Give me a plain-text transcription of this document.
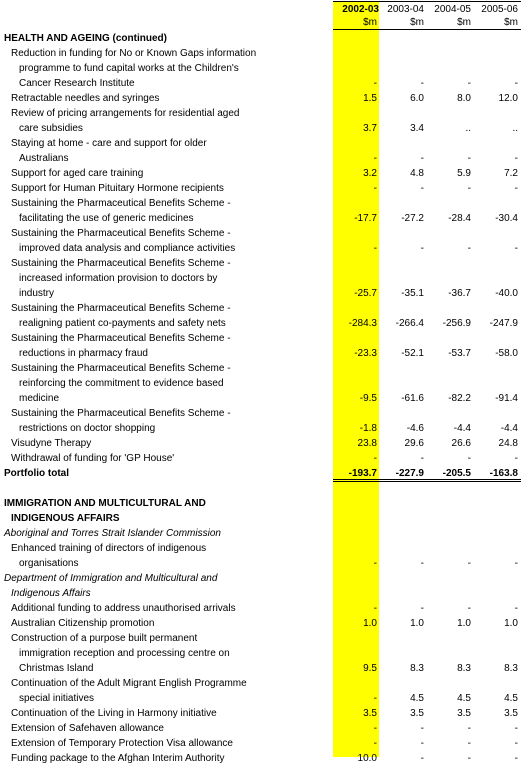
2002-03 2003-04	2004-05	2005-06
$m	$m	$m	$m
HEALTH AND AGEING (continued)
Reduction in funding for No or Known Gaps information
programme to fund capital works at the Children's
Cancer Research Institute	-	-	-	-
Retractable needles and syringes	1.5	6.0	8.0	12.0
Review of pricing arrangements for residential aged
care subsidies	3.7	3.4	..	..
Staying at home - care and support for older
Australians	-	-	-	-
Support for aged care training	3.2	4.8	5.9	7.2
Support for Human Pituitary Hormone recipients	-	-	-	-
Sustaining the Pharmaceutical Benefits Scheme -
facilitating the use of generic medicines	-17.7	-27.2	-28.4	-30.4
Sustaining the Pharmaceutical Benefits Scheme -
improved data analysis and compliance activities	-	-	-	-
Sustaining the Pharmaceutical Benefits Scheme -
increased information provision to doctors by
industry	-25.7	-35.1	-36.7	-40.0
Sustaining the Pharmaceutical Benefits Scheme -
realigning patient co-payments and safety nets	-284.3	-266.4	-256.9	-247.9
Sustaining the Pharmaceutical Benefits Scheme -
reductions in pharmacy fraud	-23.3	-52.1	-53.7	-58.0
Sustaining the Pharmaceutical Benefits Scheme -
reinforcing the commitment to evidence based
medicine	-9.5	-61.6	-82.2	-91.4
Sustaining the Pharmaceutical Benefits Scheme -
restrictions on doctor shopping	-1.8	-4.6	-4.4	-4.4
Visudyne Therapy	23.8	29.6	26.6	24.8
Withdrawal of funding for 'GP House'	-	-	-	-
Portfolio total	-193.7	-227.9	-205.5	-163.8
IMMIGRATION AND MULTICULTURAL AND
INDIGENOUS AFFAIRS
Aboriginal and Torres Strait Islander Commission
Enhanced training of directors of indigenous
organisations	-	-	-	-
Department of Immigration and Multicultural and
Indigenous Affairs
Additional funding to address unauthorised arrivals	-	-	-	-
Australian Citizenship promotion	1.0	1.0	1.0	1.0
Construction of a purpose built permanent
immigration reception and processing centre on
Christmas Island	9.5	8.3	8.3	8.3
Continuation of the Adult Migrant English Programme
special initiatives	-	4.5	4.5	4.5
Continuation of the Living in Harmony initiative	3.5	3.5	3.5	3.5
Extension of Safehaven allowance	-	-	-	-
Extension of Temporary Protection Visa allowance	-	-	-	-
Funding package to the Afghan Interim Authority	10.0	-	-	-
